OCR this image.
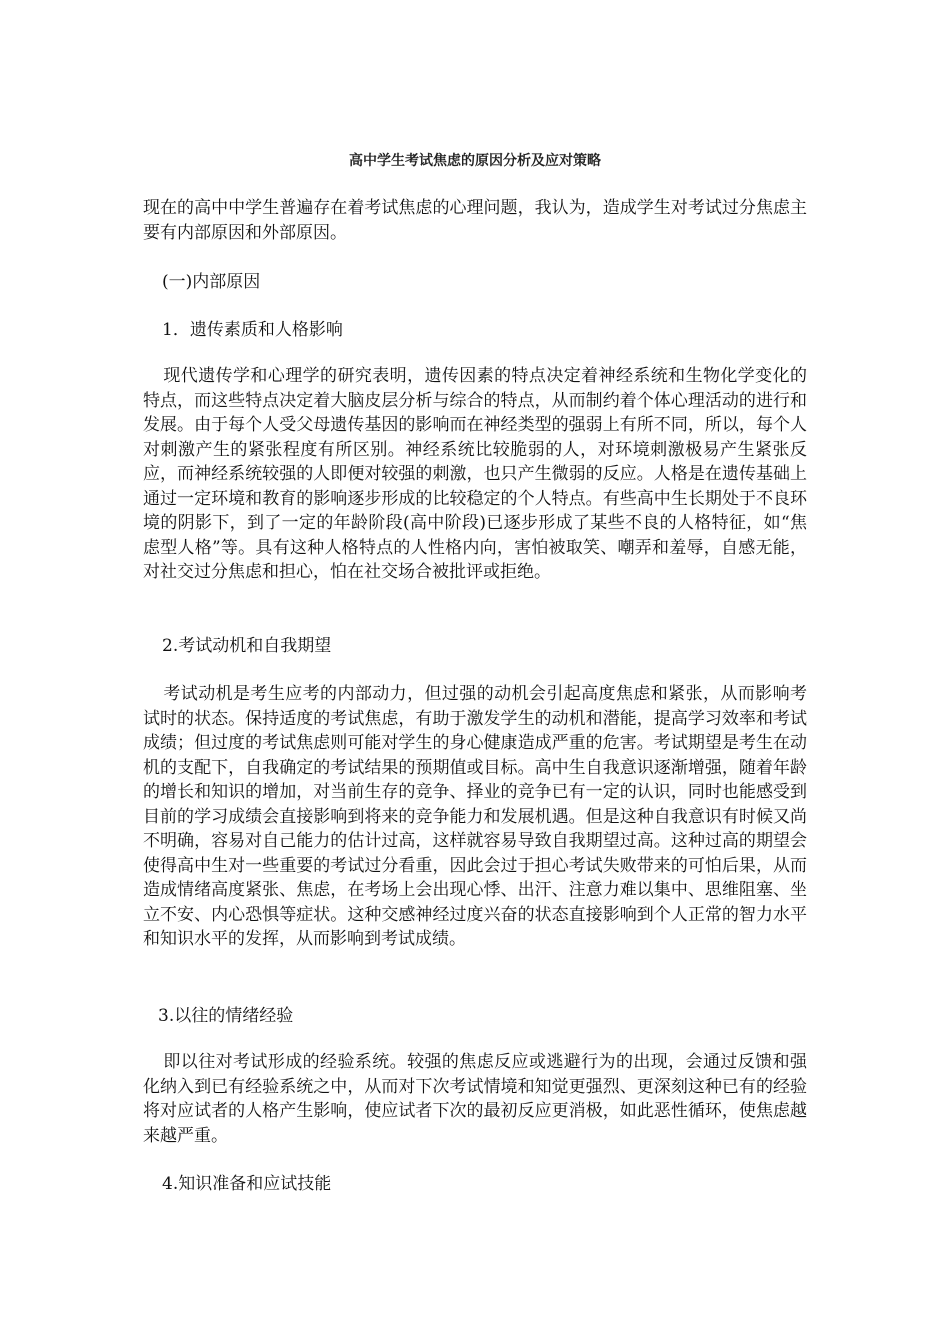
高中学生考试焦虑的原因分析及应对策略

现在的高中中学生普遍存在着考试焦虑的心理问题，我认为，造成学生对考试过分焦虑主要有内部原因和外部原因。

(一)内部原因

1．遗传素质和人格影响

现代遗传学和心理学的研究表明，遗传因素的特点决定着神经系统和生物化学变化的特点，而这些特点决定着大脑皮层分析与综合的特点，从而制约着个体心理活动的进行和发展。由于每个人受父母遗传基因的影响而在神经类型的强弱上有所不同，所以，每个人对刺激产生的紧张程度有所区别。神经系统比较脆弱的人，对环境刺激极易产生紧张反应，而神经系统较强的人即便对较强的刺激，也只产生微弱的反应。人格是在遗传基础上通过一定环境和教育的影响逐步形成的比较稳定的个人特点。有些高中生长期处于不良环境的阴影下，到了一定的年龄阶段(高中阶段)已逐步形成了某些不良的人格特征，如“焦虑型人格”等。具有这种人格特点的人性格内向，害怕被取笑、嘲弄和羞辱，自感无能，对社交过分焦虑和担心，怕在社交场合被批评或拒绝。

2.考试动机和自我期望

考试动机是考生应考的内部动力，但过强的动机会引起高度焦虑和紧张，从而影响考试时的状态。保持适度的考试焦虑，有助于激发学生的动机和潜能，提高学习效率和考试成绩；但过度的考试焦虑则可能对学生的身心健康造成严重的危害。考试期望是考生在动机的支配下，自我确定的考试结果的预期值或目标。高中生自我意识逐渐增强，随着年龄的增长和知识的增加，对当前生存的竞争、择业的竞争已有一定的认识，同时也能感受到目前的学习成绩会直接影响到将来的竞争能力和发展机遇。但是这种自我意识有时候又尚不明确，容易对自己能力的估计过高，这样就容易导致自我期望过高。这种过高的期望会使得高中生对一些重要的考试过分看重，因此会过于担心考试失败带来的可怕后果，从而造成情绪高度紧张、焦虑，在考场上会出现心悸、出汗、注意力难以集中、思维阻塞、坐立不安、内心恐惧等症状。这种交感神经过度兴奋的状态直接影响到个人正常的智力水平和知识水平的发挥，从而影响到考试成绩。

3.以往的情绪经验

即以往对考试形成的经验系统。较强的焦虑反应或逃避行为的出现，会通过反馈和强化纳入到已有经验系统之中，从而对下次考试情境和知觉更强烈、更深刻这种已有的经验将对应试者的人格产生影响，使应试者下次的最初反应更消极，如此恶性循环，使焦虑越来越严重。

4.知识准备和应试技能
